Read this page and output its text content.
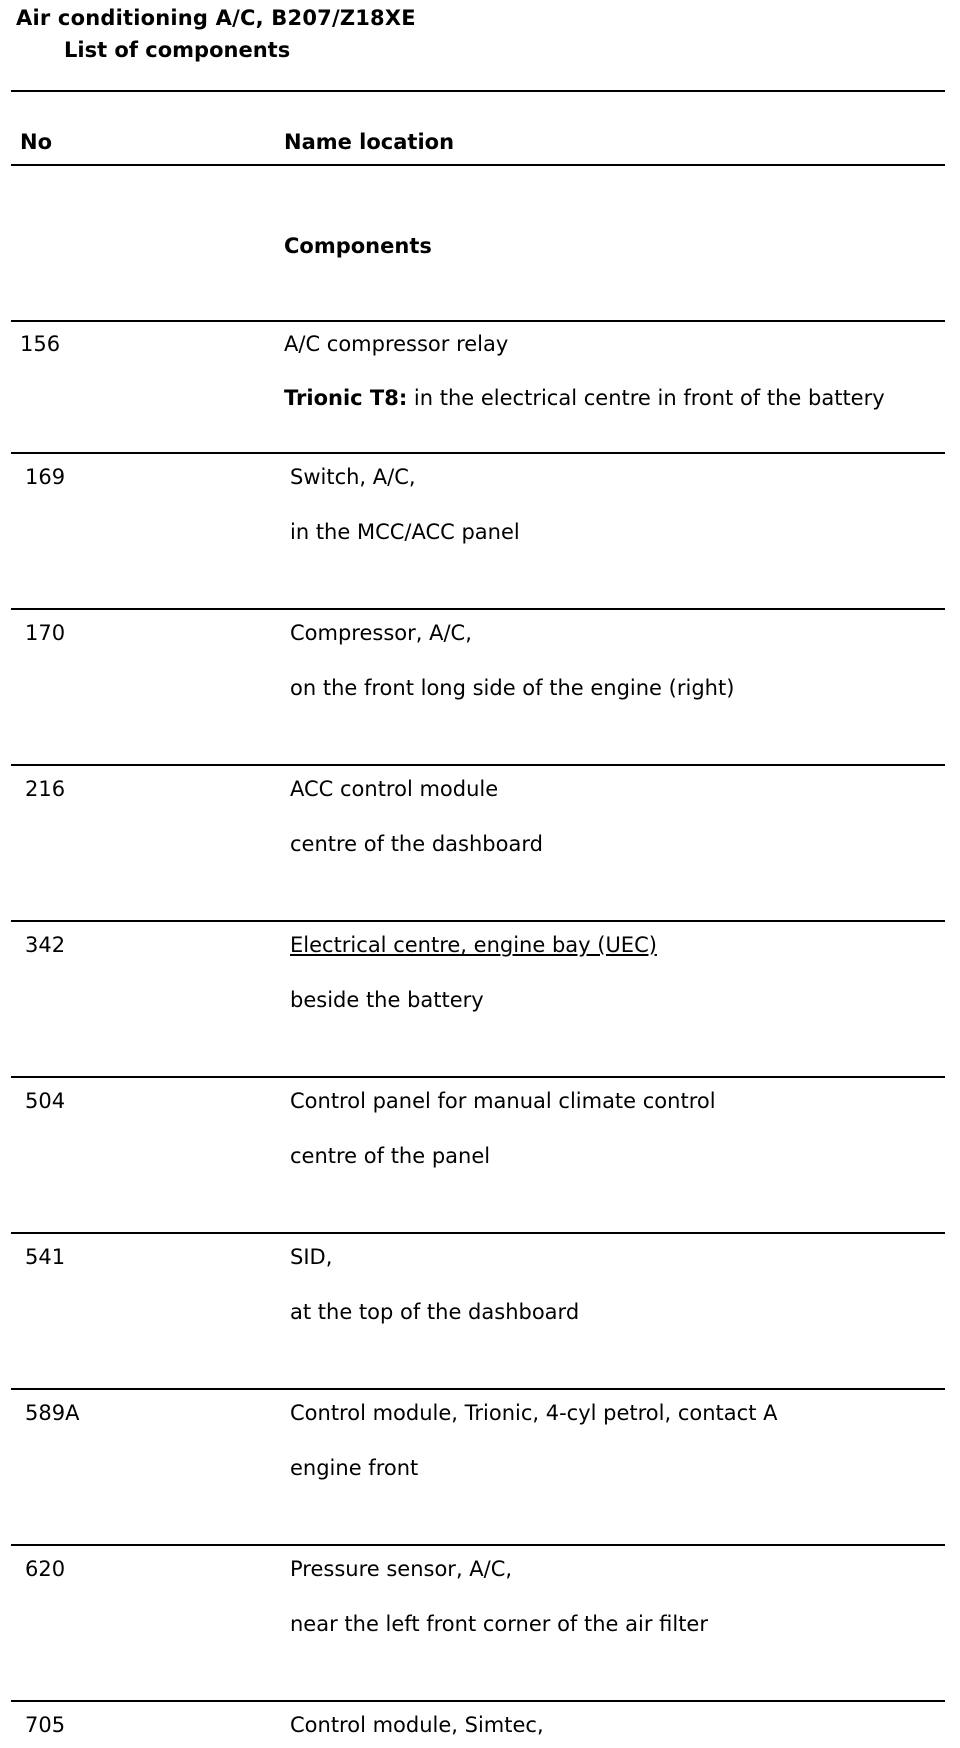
Air conditioning A/C, B207/Z18XE
List of components
No	Name location
Components
156	A/C compressor relay
Trionic T8: in the electrical centre in front of the battery
169	Switch, A/C,
in the MCC/ACC panel
170	Compressor, A/C,
on the front long side of the engine (right)
216	ACC control module
centre of the dashboard
342	Electrical centre, engine bay (UEC)
beside the battery
504	Control panel for manual climate control
centre of the panel
541	SID,
at the top of the dashboard
589A	Control module, Trionic, 4-cyl petrol, contact A
engine front
620	Pressure sensor, A/C,
near the left front corner of the air filter
705	Control module, Simtec,
